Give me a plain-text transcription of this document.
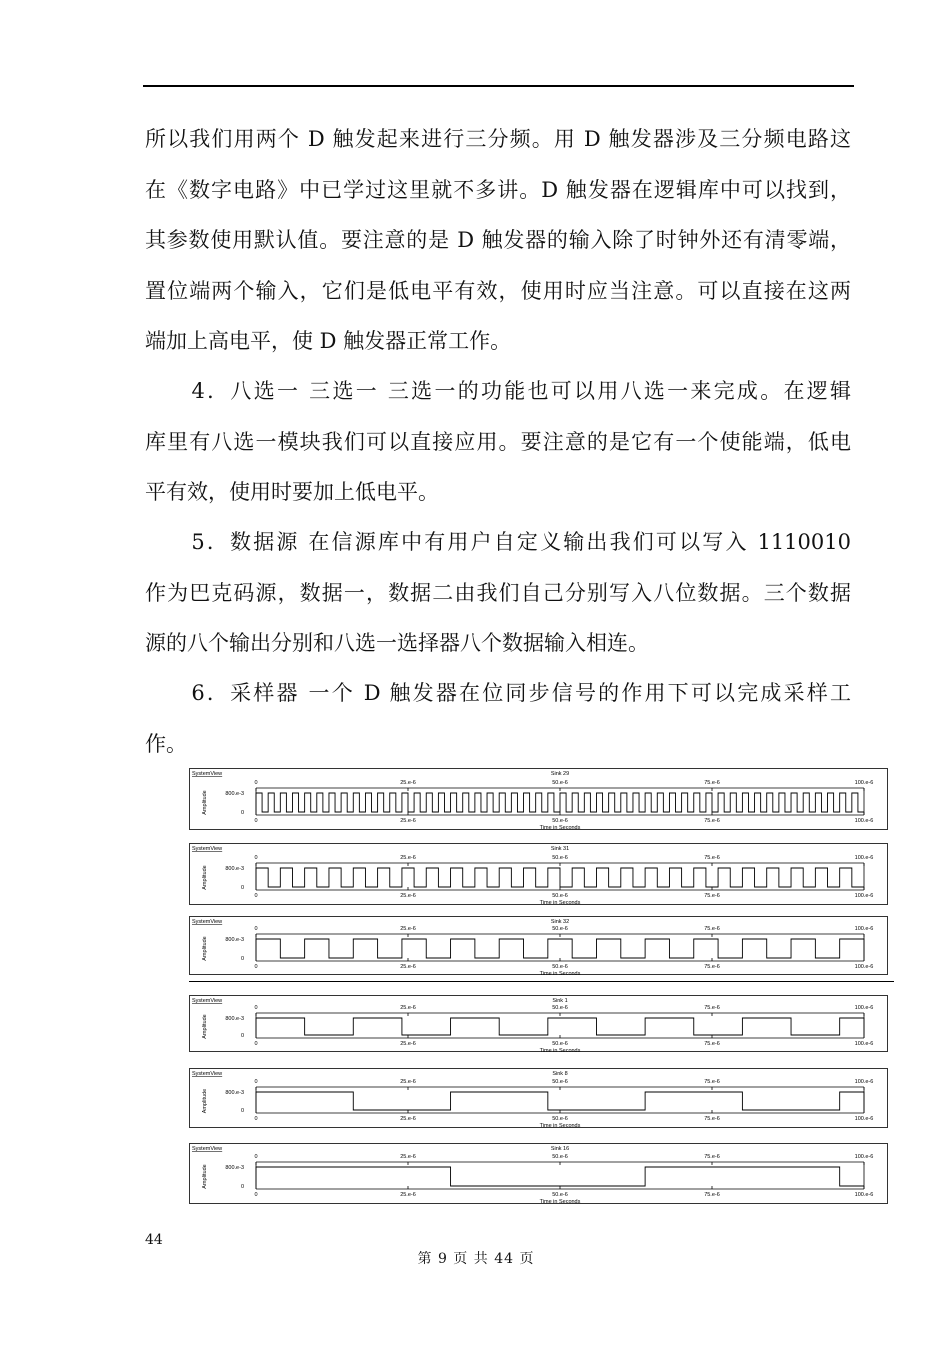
所以我们用两个 D 触发起来进行三分频。用 D 触发器涉及三分频电路这
在《数字电路》中已学过这里就不多讲。D 触发器在逻辑库中可以找到，
其参数使用默认值。要注意的是 D 触发器的输入除了时钟外还有清零端，
置位端两个输入，它们是低电平有效，使用时应当注意。可以直接在这两
端加上高电平，使 D 触发器正常工作。

　　4．八选一 三选一 三选一的功能也可以用八选一来完成。在逻辑
库里有八选一模块我们可以直接应用。要注意的是它有一个使能端，低电
平有效，使用时要加上低电平。

　　5．数据源 在信源库中有用户自定义输出我们可以写入 1110010
作为巴克码源，数据一，数据二由我们自己分别写入八位数据。三个数据
源的八个输出分别和八选一选择器八个数据输入相连。

　　6．采样器 一个 D 触发器在位同步信号的作用下可以完成采样工
作。

SystemView	Sink 29
Amplitude	800.e-3
0
0
0
25.e-6
25.e-6
50.e-6
50.e-6
75.e-6
75.e-6
100.e-6
100.e-6
Time in Seconds
SystemView	Sink 31
Amplitude	800.e-3
0
0
0
25.e-6
25.e-6
50.e-6
50.e-6
75.e-6
75.e-6
100.e-6
100.e-6
Time in Seconds
SystemView	Sink 32
Amplitude	800.e-3
0
0
0
25.e-6
25.e-6
50.e-6
50.e-6
75.e-6
75.e-6
100.e-6
100.e-6
Time in Seconds
SystemView	Sink 1
Amplitude	800.e-3
0
0
0
25.e-6
25.e-6
50.e-6
50.e-6
75.e-6
75.e-6
100.e-6
100.e-6
Time in Seconds
SystemView	Sink 8
Amplitude	800.e-3
0
0
0
25.e-6
25.e-6
50.e-6
50.e-6
75.e-6
75.e-6
100.e-6
100.e-6
Time in Seconds
SystemView	Sink 16
Amplitude	800.e-3
0
0
0
25.e-6
25.e-6
50.e-6
50.e-6
75.e-6
75.e-6
100.e-6
100.e-6
Time in Seconds
44
第 9 页 共 44 页
